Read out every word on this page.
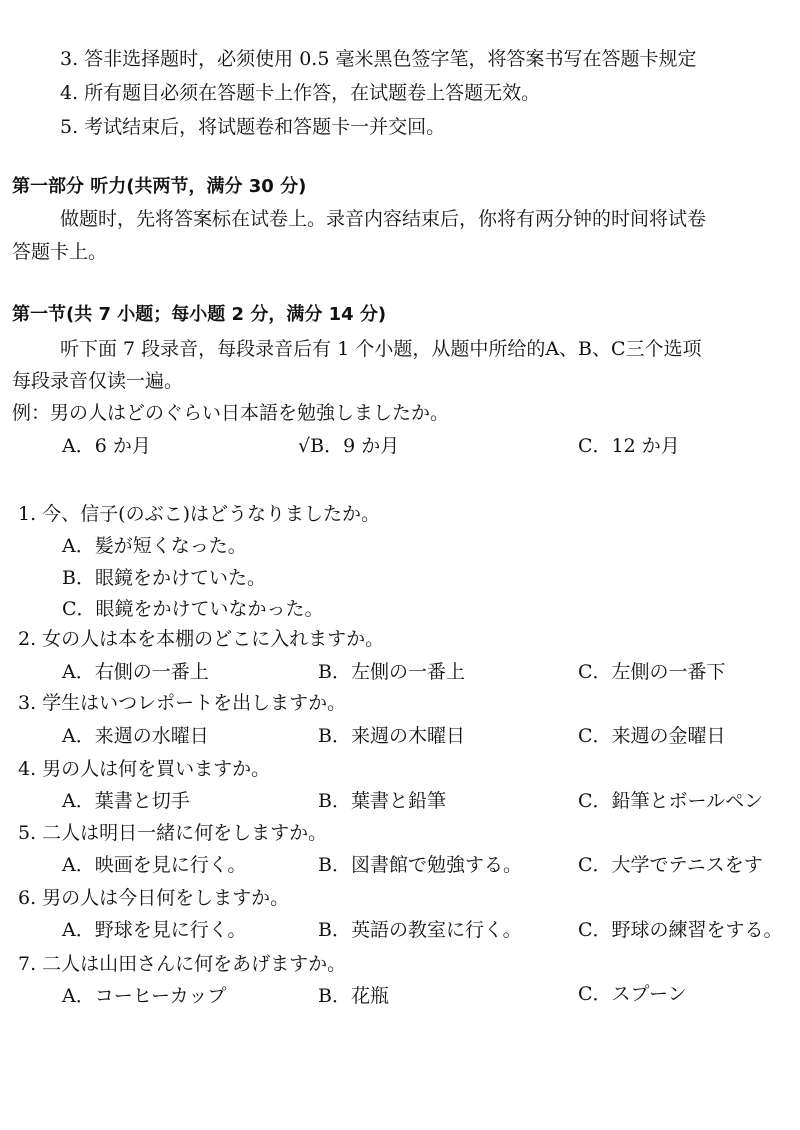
3. 答非选择题时，必须使用 0.5 毫米黑色签字笔，将答案书写在答题卡规定
4. 所有题目必须在答题卡上作答，在试题卷上答题无效。
5. 考试结束后，将试题卷和答题卡一并交回。
第一部分 听力(共两节，满分 30 分)
做题时，先将答案标在试卷上。录音内容结束后，你将有两分钟的时间将试卷
答题卡上。
第一节(共 7 小题；每小题 2 分，满分 14 分)
听下面 7 段录音，每段录音后有 1 个小题，从题中所给的A、B、C三个选项
每段录音仅读一遍。
例：男の人はどのぐらい日本語を勉強しましたか。
A．6 か月	√B．9 か月	C．12 か月
1. 今、信子(のぶこ)はどうなりましたか。
A．髪が短くなった。
B．眼鏡をかけていた。
C．眼鏡をかけていなかった。
2. 女の人は本を本棚のどこに入れますか。
A．右側の一番上	B．左側の一番上	C．左側の一番下
3. 学生はいつレポートを出しますか。
A．来週の水曜日	B．来週の木曜日	C．来週の金曜日
4. 男の人は何を買いますか。
A．葉書と切手	B．葉書と鉛筆	C．鉛筆とボールペン
5. 二人は明日一緒に何をしますか。
A．映画を見に行く。	B．図書館で勉強する。	C．大学でテニスをす
6. 男の人は今日何をしますか。
A．野球を見に行く。	B．英語の教室に行く。	C．野球の練習をする。
7. 二人は山田さんに何をあげますか。
A．コーヒーカップ	B．花瓶	C．スプーン
